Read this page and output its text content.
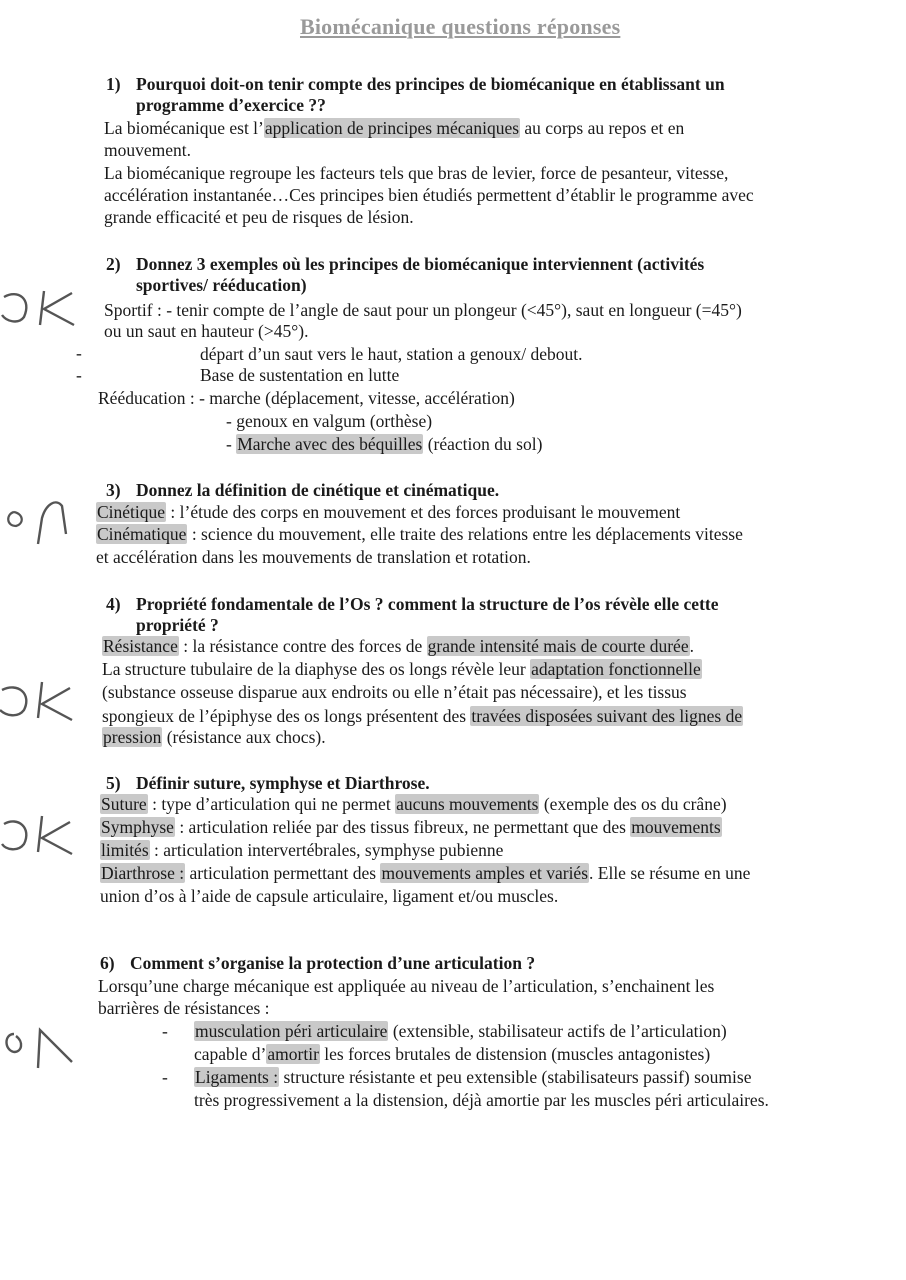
Biomécanique questions réponses
1) Pourquoi doit-on tenir compte des principes de biomécanique en établissant un
programme d’exercice ??
La biomécanique est l’application de principes mécaniques au corps au repos et en
mouvement.
La biomécanique regroupe les facteurs tels que bras de levier, force de pesanteur, vitesse,
accélération instantanée…Ces principes bien étudiés permettent d’établir le programme avec
grande efficacité et peu de risques de lésion.
2) Donnez 3 exemples où les principes de biomécanique interviennent (activités
sportives/ rééducation)
Sportif : - tenir compte de l’angle de saut pour un plongeur (<45°), saut en longueur (=45°)
ou un saut en hauteur (>45°).
-	départ d’un saut vers le haut, station a genoux/ debout.
-	Base de sustentation en lutte
Rééducation : - marche (déplacement, vitesse, accélération)
- genoux en valgum (orthèse)
- Marche avec des béquilles (réaction du sol)
3) Donnez la définition de cinétique et cinématique.
Cinétique : l’étude des corps en mouvement et des forces produisant le mouvement
Cinématique : science du mouvement, elle traite des relations entre les déplacements vitesse
et accélération dans les mouvements de translation et rotation.
4) Propriété fondamentale de l’Os ? comment la structure de l’os révèle elle cette
propriété ?
Résistance : la résistance contre des forces de grande intensité mais de courte durée.
La structure tubulaire de la diaphyse des os longs révèle leur adaptation fonctionnelle
(substance osseuse disparue aux endroits ou elle n’était pas nécessaire), et les tissus
spongieux de l’épiphyse des os longs présentent des travées disposées suivant des lignes de
pression (résistance aux chocs).
5) Définir suture, symphyse et Diarthrose.
Suture : type d’articulation qui ne permet aucuns mouvements (exemple des os du crâne)
Symphyse : articulation reliée par des tissus fibreux, ne permettant que des mouvements
limités : articulation intervertébrales, symphyse pubienne
Diarthrose : articulation permettant des mouvements amples et variés. Elle se résume en une
union d’os à l’aide de capsule articulaire, ligament et/ou muscles.
6) Comment s’organise la protection d’une articulation ?
Lorsqu’une charge mécanique est appliquée au niveau de l’articulation, s’enchainent les
barrières de résistances :
- musculation péri articulaire (extensible, stabilisateur actifs de l’articulation)
capable d’amortir les forces brutales de distension (muscles antagonistes)
- Ligaments : structure résistante et peu extensible (stabilisateurs passif) soumise
très progressivement a la distension, déjà amortie par les muscles péri articulaires.
